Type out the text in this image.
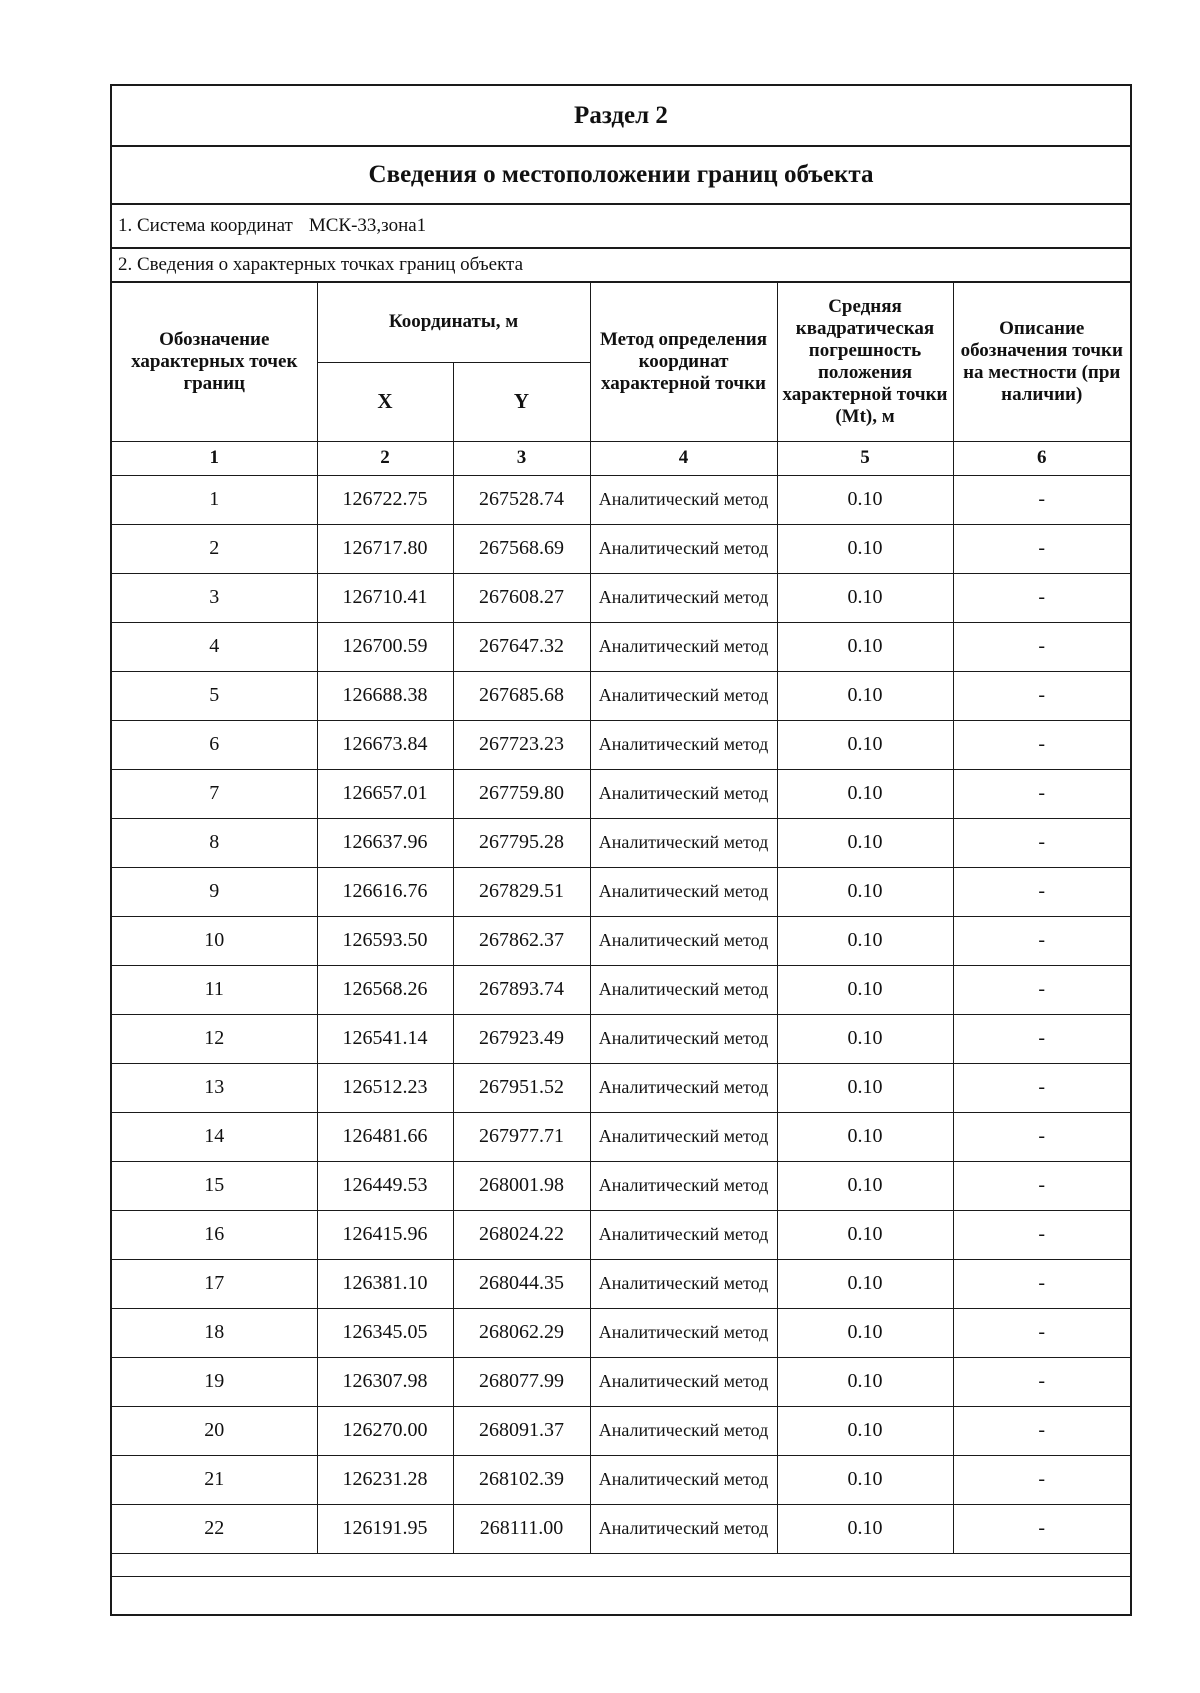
Раздел 2
Сведения о местоположении границ объекта
1. Система координат МСК-33,зона1
2. Сведения о характерных точках границ объекта
Обозначение характерных точек границ	Координаты, м		Метод определения координат характерной точки	Средняя квадратическая погрешность положения характерной точки (Mt), м	Описание обозначения точки на местности (при наличии)
	X	Y			
1	2	3	4	5	6
1	126722.75	267528.74	Аналитический метод	0.10	-
2	126717.80	267568.69	Аналитический метод	0.10	-
3	126710.41	267608.27	Аналитический метод	0.10	-
4	126700.59	267647.32	Аналитический метод	0.10	-
5	126688.38	267685.68	Аналитический метод	0.10	-
6	126673.84	267723.23	Аналитический метод	0.10	-
7	126657.01	267759.80	Аналитический метод	0.10	-
8	126637.96	267795.28	Аналитический метод	0.10	-
9	126616.76	267829.51	Аналитический метод	0.10	-
10	126593.50	267862.37	Аналитический метод	0.10	-
11	126568.26	267893.74	Аналитический метод	0.10	-
12	126541.14	267923.49	Аналитический метод	0.10	-
13	126512.23	267951.52	Аналитический метод	0.10	-
14	126481.66	267977.71	Аналитический метод	0.10	-
15	126449.53	268001.98	Аналитический метод	0.10	-
16	126415.96	268024.22	Аналитический метод	0.10	-
17	126381.10	268044.35	Аналитический метод	0.10	-
18	126345.05	268062.29	Аналитический метод	0.10	-
19	126307.98	268077.99	Аналитический метод	0.10	-
20	126270.00	268091.37	Аналитический метод	0.10	-
21	126231.28	268102.39	Аналитический метод	0.10	-
22	126191.95	268111.00	Аналитический метод	0.10	-
